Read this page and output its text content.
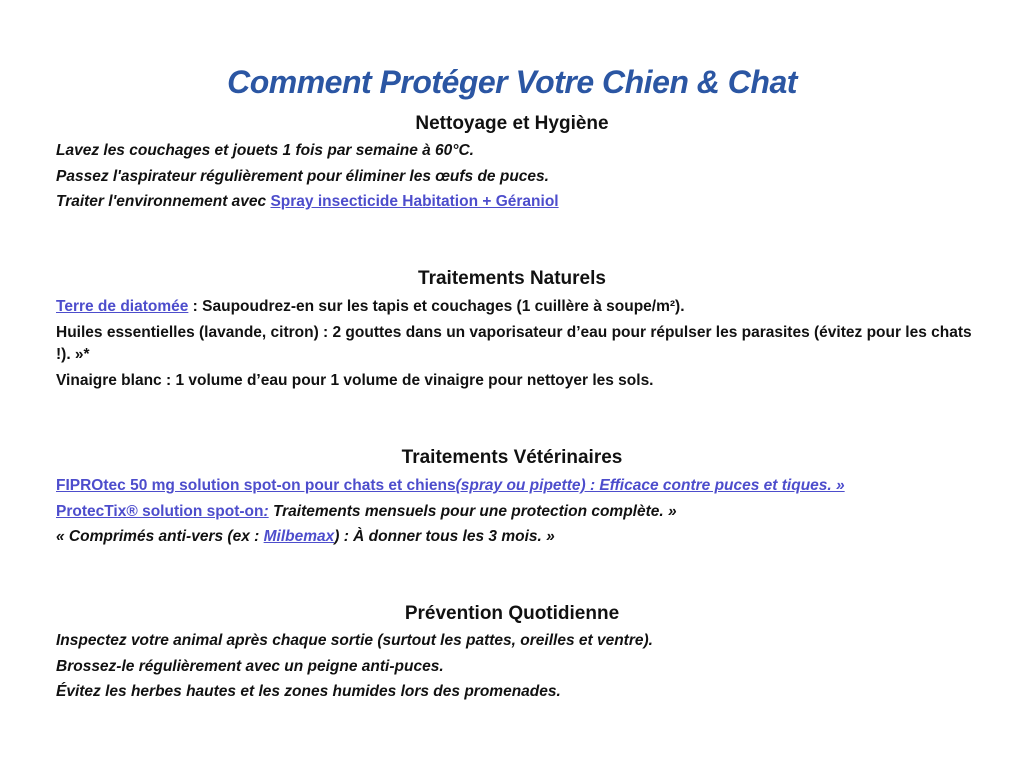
Comment Protéger Votre Chien & Chat
Nettoyage et Hygiène

Lavez les couchages et jouets 1 fois par semaine à 60°C.

Passez l'aspirateur régulièrement pour éliminer les œufs de puces.

Traiter l'environnement avec Spray insecticide Habitation + Géraniol

Traitements Naturels

Terre de diatomée : Saupoudrez-en sur les tapis et couchages (1 cuillère à soupe/m²).

Huiles essentielles (lavande, citron) : 2 gouttes dans un vaporisateur d’eau pour répulser les parasites (évitez pour les chats !). »*

Vinaigre blanc : 1 volume d’eau pour 1 volume de vinaigre pour nettoyer les sols.

Traitements Vétérinaires

FIPROtec 50 mg solution spot-on pour chats et chiens(spray ou pipette) : Efficace contre puces et tiques. »

ProtecTix® solution spot-on: Traitements mensuels pour une protection complète. »

« Comprimés anti-vers (ex : Milbemax) : À donner tous les 3 mois. »

Prévention Quotidienne

Inspectez votre animal après chaque sortie (surtout les pattes, oreilles et ventre).

Brossez-le régulièrement avec un peigne anti-puces.

Évitez les herbes hautes et les zones humides lors des promenades.
